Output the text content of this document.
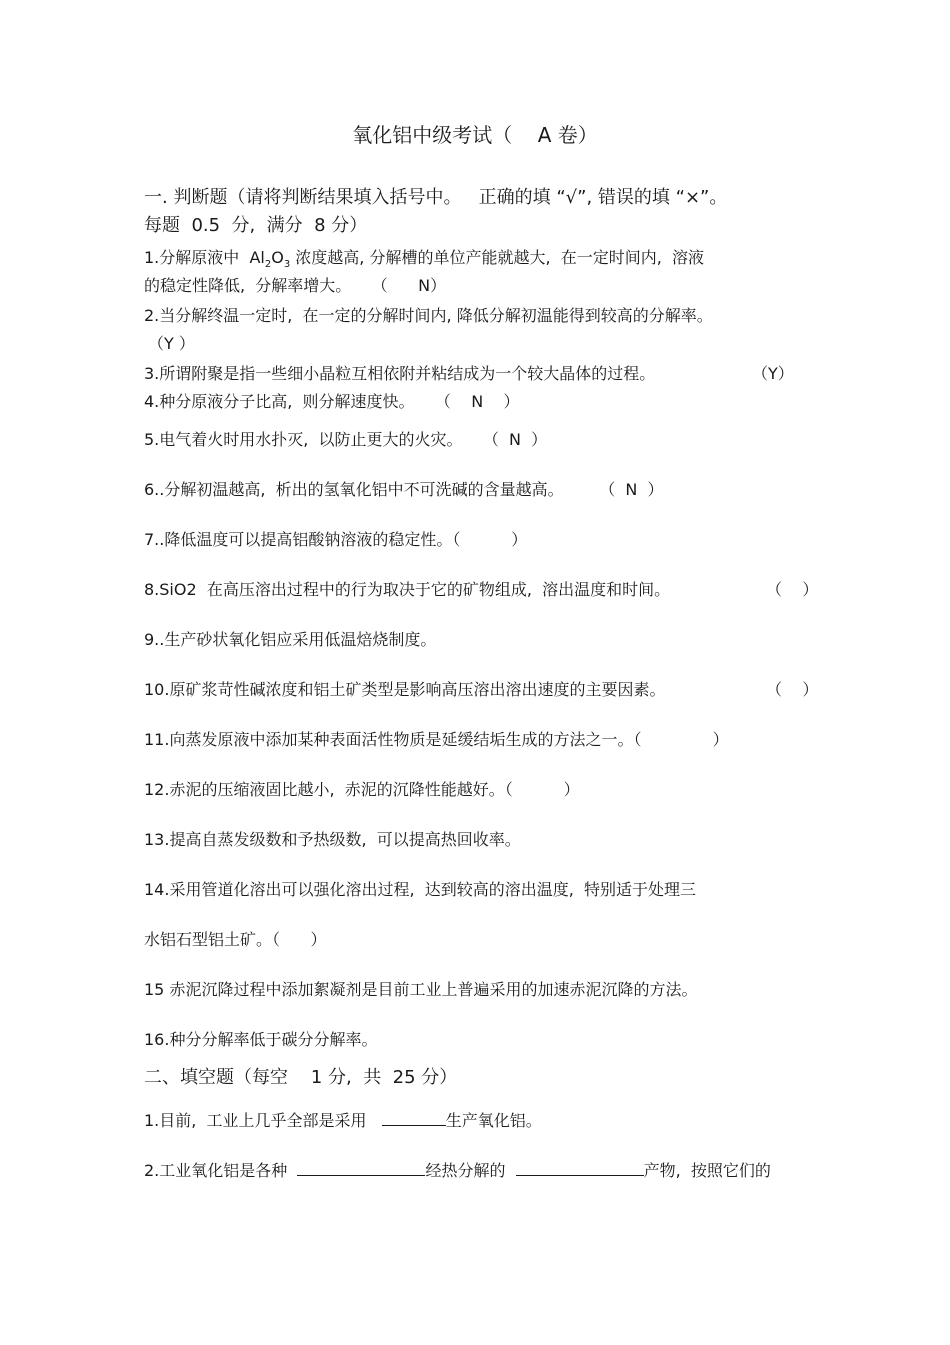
氧化铝中级考试（    A 卷）
一. 判断题（请将判断结果填入括号中。   正确的填 “√”, 错误的填 “×”。
每题  0.5  分,  满分  8 分）
1.分解原液中  $Al_2O_3$ 浓度越高, 分解槽的单位产能就越大,  在一定时间内,  溶液
的稳定性降低,  分解率增大。    （      N）
2.当分解终温一定时,  在一定的分解时间内, 降低分解初温能得到较高的分解率。
（Y ）
3.所谓附聚是指一些细小晶粒互相依附并粘结成为一个较大晶体的过程。	（Y）
4.种分原液分子比高,  则分解速度快。    （    N    ）
5.电气着火时用水扑灭,  以防止更大的火灾。    （  N  ）
6..分解初温越高,  析出的氢氧化铝中不可洗碱的含量越高。       （  N  ）
7..降低温度可以提高铝酸钠溶液的稳定性。（          ）
8.SiO2  在高压溶出过程中的行为取决于它的矿物组成,  溶出温度和时间。	（    ）
9..生产砂状氧化铝应采用低温焙烧制度。
10.原矿浆苛性碱浓度和铝土矿类型是影响高压溶出溶出速度的主要因素。	（    ）
11.向蒸发原液中添加某种表面活性物质是延缓结垢生成的方法之一。（              ）
12.赤泥的压缩液固比越小,  赤泥的沉降性能越好。（          ）
13.提高自蒸发级数和予热级数,  可以提高热回收率。
14.采用管道化溶出可以强化溶出过程,  达到较高的溶出温度,  特别适于处理三
水铝石型铝土矿。（      ）
15 赤泥沉降过程中添加絮凝剂是目前工业上普遍采用的加速赤泥沉降的方法。
16.种分分解率低于碳分分解率。
二、填空题（每空    1 分,  共  25 分）
1.目前,  工业上几乎全部是采用	生产氧化铝。
2.工业氧化铝是各种	经热分解的	产物,  按照它们的
